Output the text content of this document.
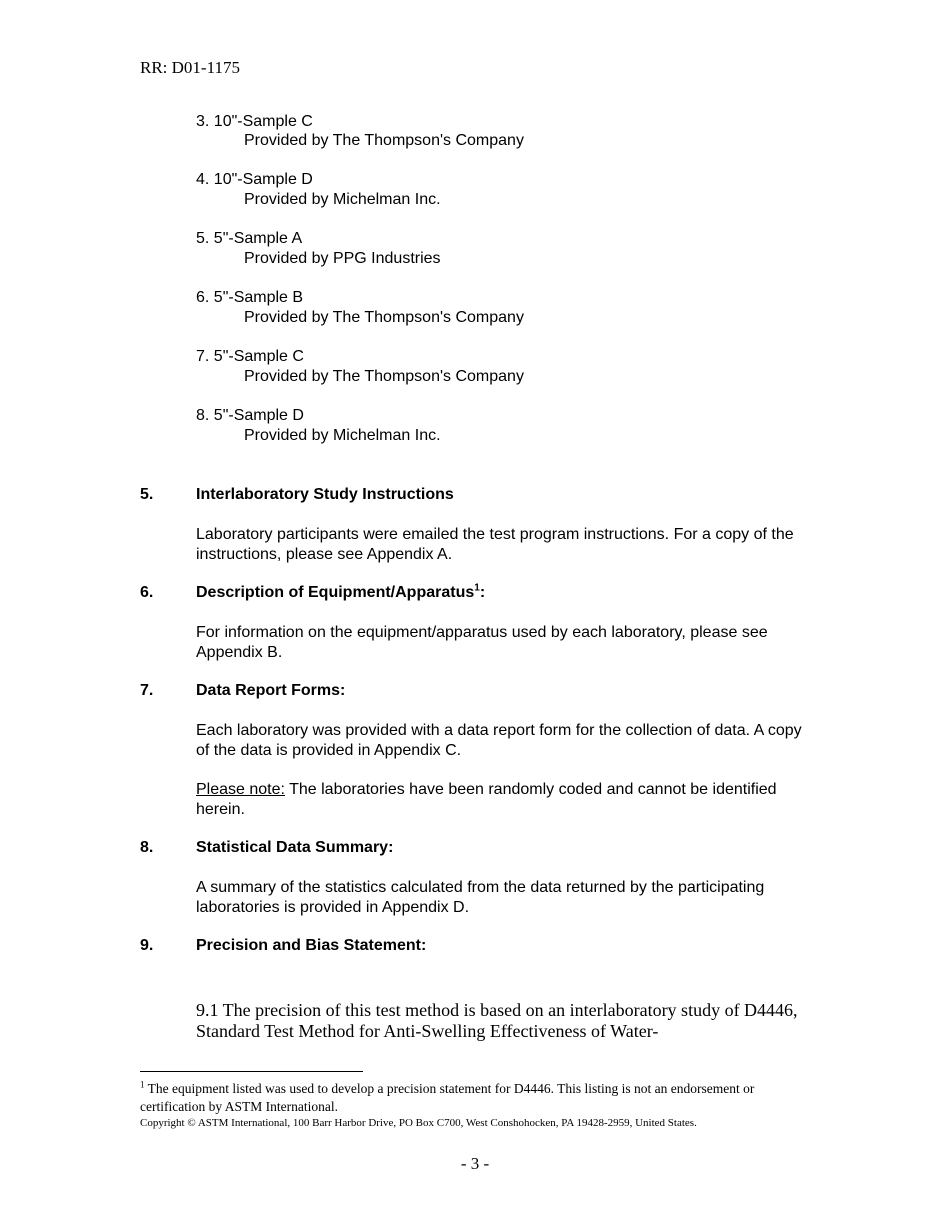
RR: D01-1175
3. 10"-Sample C
Provided by The Thompson's Company
4. 10"-Sample D
Provided by Michelman Inc.
5. 5"-Sample A
Provided by PPG Industries
6. 5"-Sample B
Provided by The Thompson's Company
7. 5"-Sample C
Provided by The Thompson's Company
8. 5"-Sample D
Provided by Michelman Inc.
5.	Interlaboratory Study Instructions
Laboratory participants were emailed the test program instructions. For a copy of the instructions, please see Appendix A.
6.	Description of Equipment/Apparatus$^1$:
For information on the equipment/apparatus used by each laboratory, please see Appendix B.
7.	Data Report Forms:
Each laboratory was provided with a data report form for the collection of data. A copy of the data is provided in Appendix C.
Please note: The laboratories have been randomly coded and cannot be identified herein.
8.	Statistical Data Summary:
A summary of the statistics calculated from the data returned by the participating laboratories is provided in Appendix D.
9.	Precision and Bias Statement:
9.1 The precision of this test method is based on an interlaboratory study of D4446, Standard Test Method for Anti-Swelling Effectiveness of Water-
$^1$ The equipment listed was used to develop a precision statement for D4446. This listing is not an endorsement or certification by ASTM International.
Copyright © ASTM International, 100 Barr Harbor Drive, PO Box C700, West Conshohocken, PA 19428-2959, United States.
- 3 -
